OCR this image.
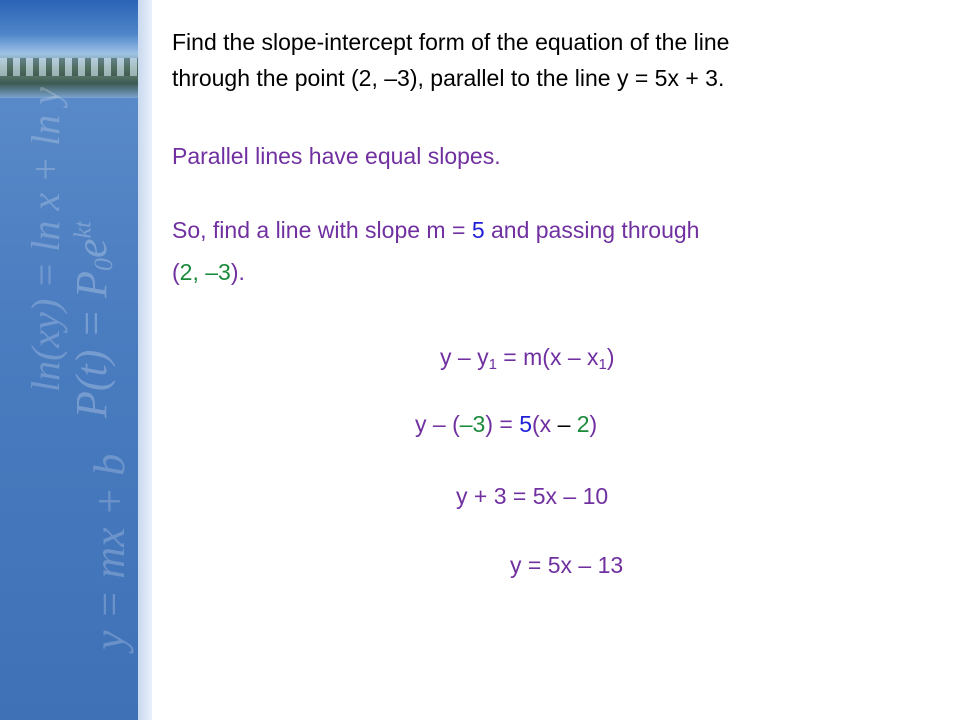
ln(xy) = ln x + ln y $P(t) = P_0e^{kt}$
y = mx + b
Find the slope-intercept form of the equation of the line
through the point (2, –3), parallel to the line y = 5x + 3.
Parallel lines have equal slopes.
So, find a line with slope m = 5 and passing through
(2, –3).
$y - y_1 = m(x - x_1)$
y – (–3) = 5(x – 2)
y + 3 = 5x – 10
y = 5x – 13
